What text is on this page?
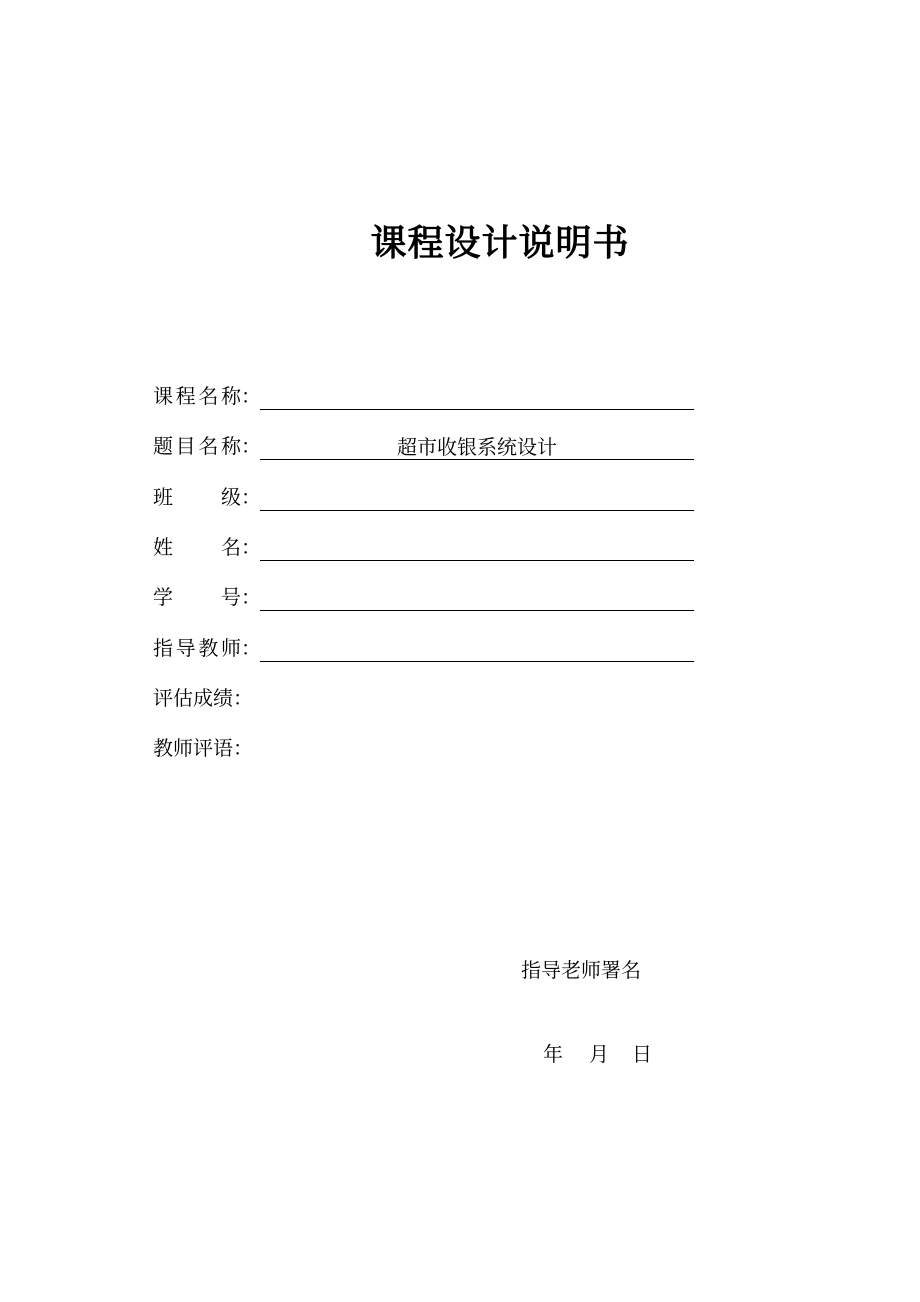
课程设计说明书
课程名称：
题目名称：	超市收银系统设计
班级：
姓名：
学号：
指导教师：
评估成绩：
教师评语：
指导老师署名
年 月 日
